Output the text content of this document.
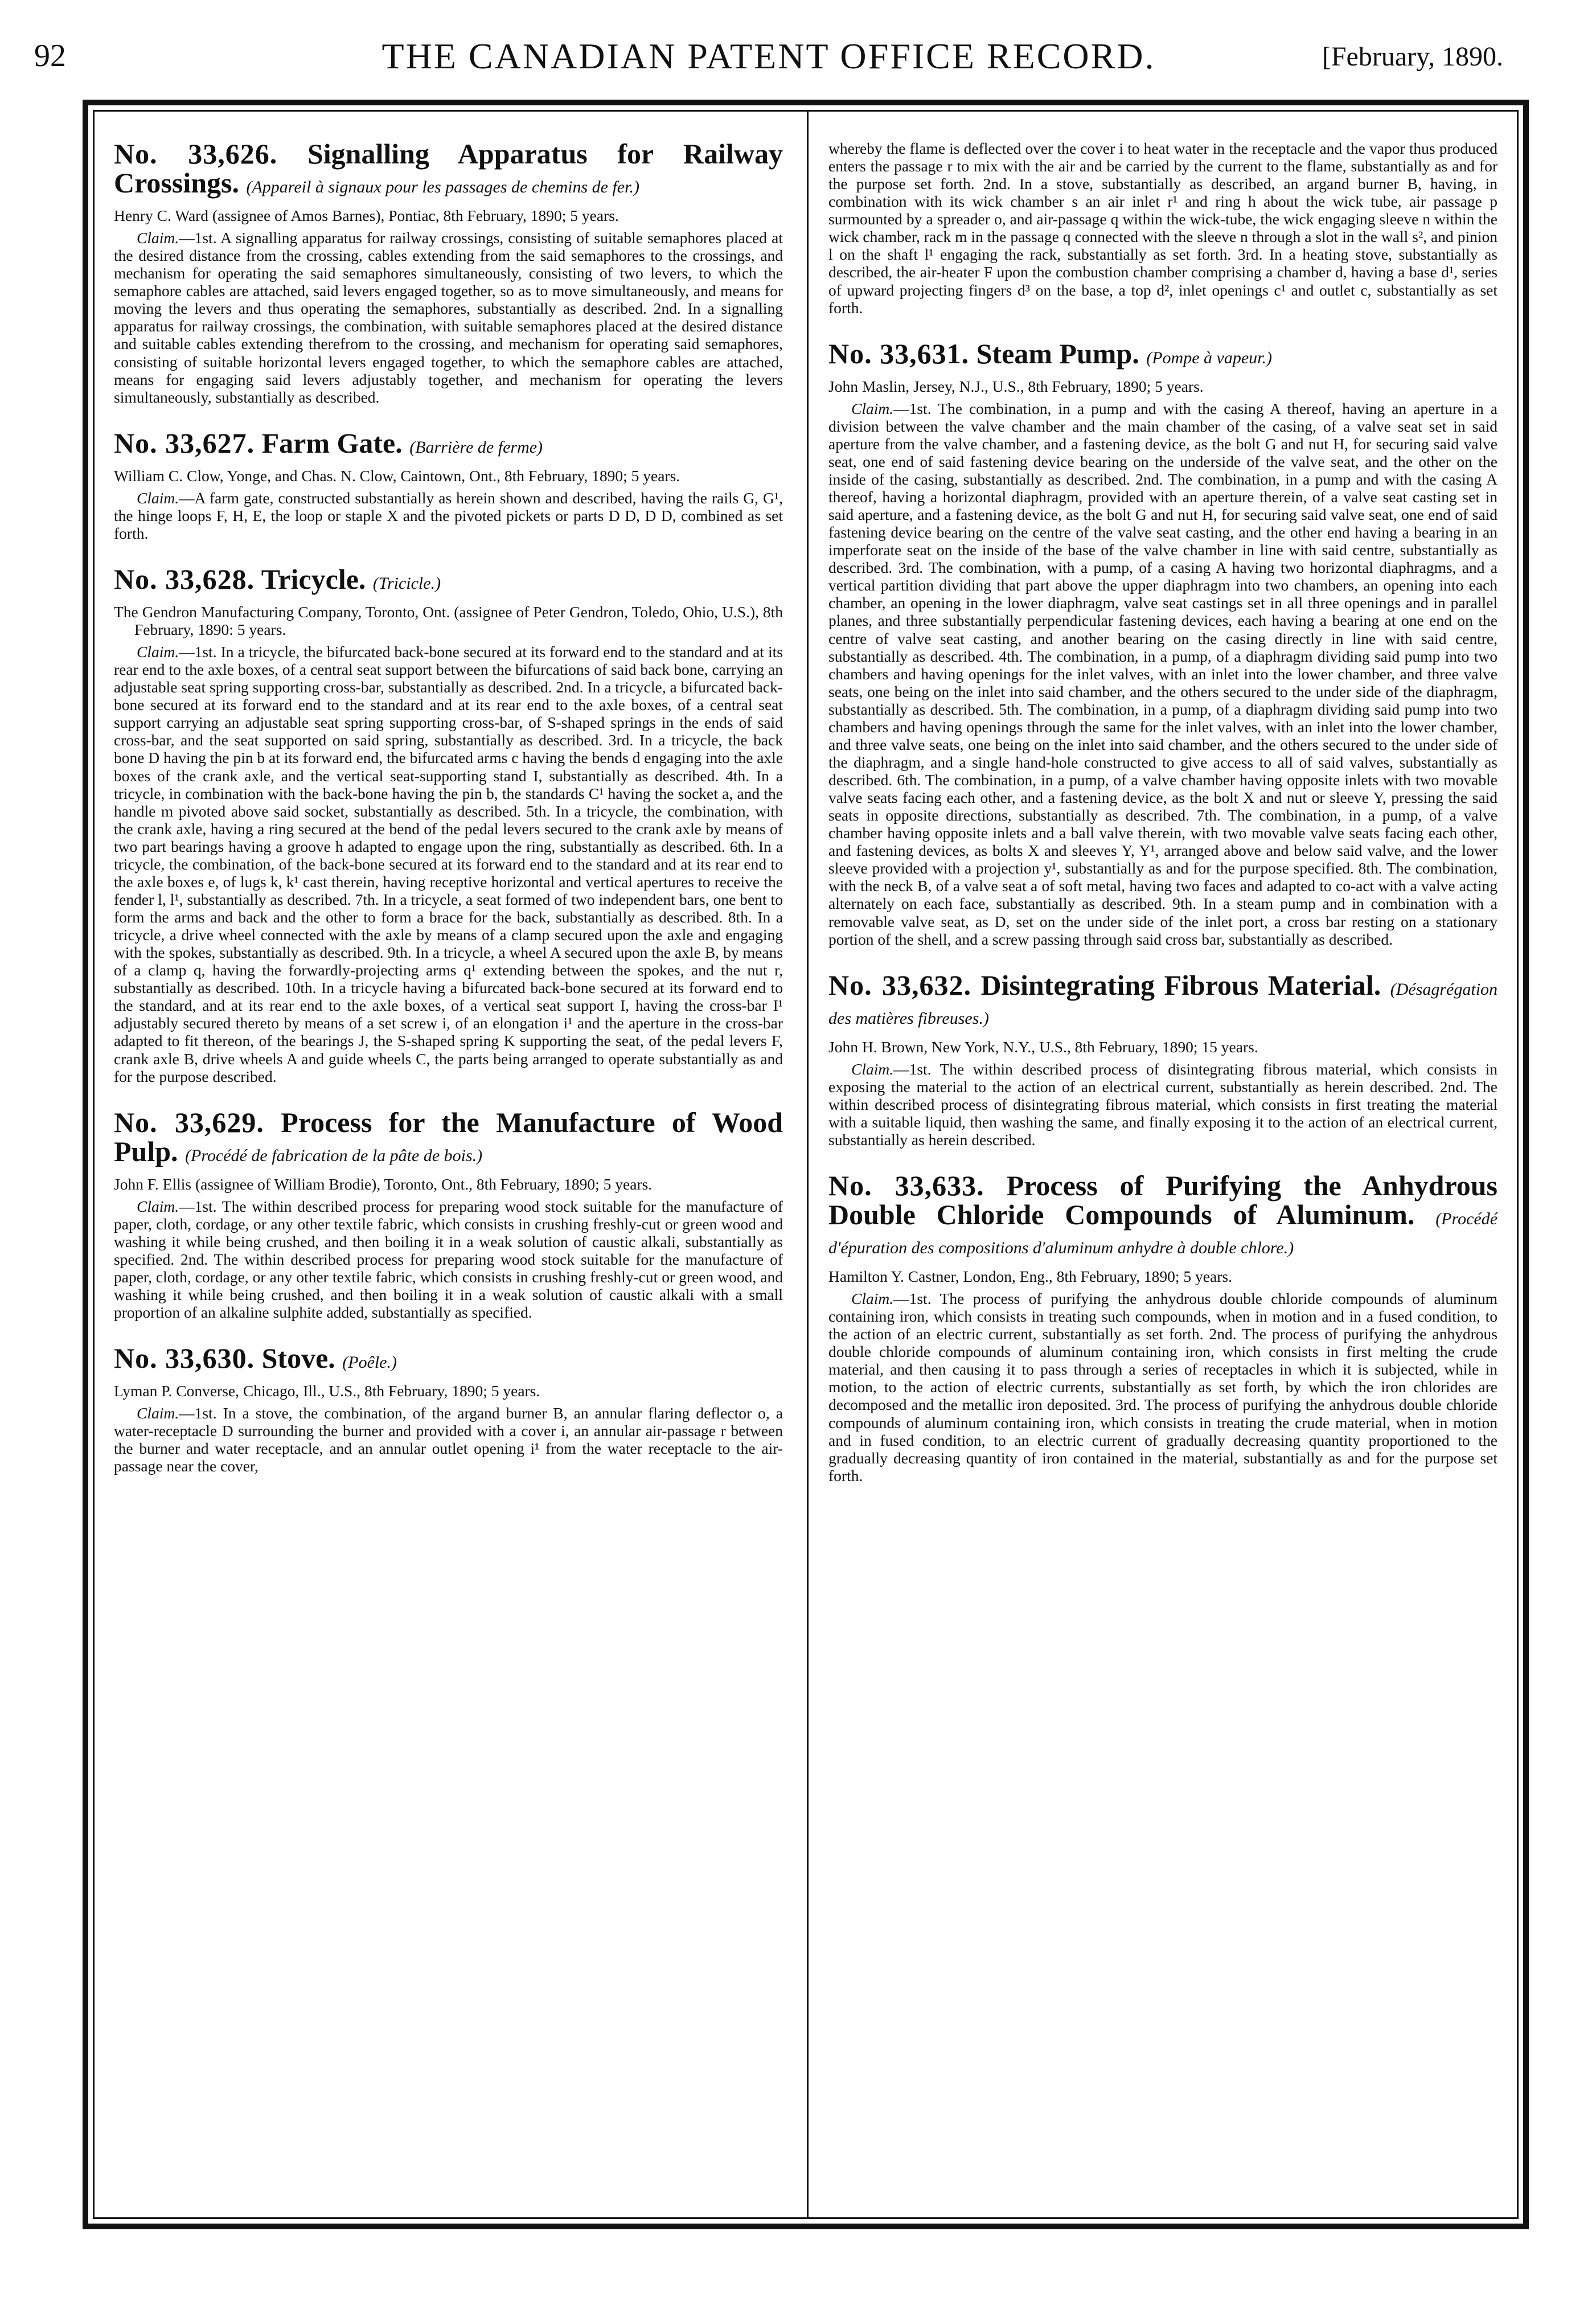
92	THE CANADIAN PATENT OFFICE RECORD.	[February, 1890.
No. 33,626. Signalling Apparatus for Railway Crossings. (Appareil à signaux pour les passages de chemins de fer.)

Henry C. Ward (assignee of Amos Barnes), Pontiac, 8th February, 1890; 5 years.

Claim.—1st. A signalling apparatus for railway crossings, consisting of suitable semaphores placed at the desired distance from the crossing, cables extending from the said semaphores to the crossings, and mechanism for operating the said semaphores simultaneously, consisting of two levers, to which the semaphore cables are attached, said levers engaged together, so as to move simultaneously, and means for moving the levers and thus operating the semaphores, substantially as described. 2nd. In a signalling apparatus for railway crossings, the combination, with suitable semaphores placed at the desired distance and suitable cables extending therefrom to the crossing, and mechanism for operating said semaphores, consisting of suitable horizontal levers engaged together, to which the semaphore cables are attached, means for engaging said levers adjustably together, and mechanism for operating the levers simultaneously, substantially as described.

No. 33,627. Farm Gate. (Barrière de ferme)

William C. Clow, Yonge, and Chas. N. Clow, Caintown, Ont., 8th February, 1890; 5 years.

Claim.—A farm gate, constructed substantially as herein shown and described, having the rails G, G¹, the hinge loops F, H, E, the loop or staple X and the pivoted pickets or parts D D, D D, combined as set forth.

No. 33,628. Tricycle. (Tricicle.)

The Gendron Manufacturing Company, Toronto, Ont. (assignee of Peter Gendron, Toledo, Ohio, U.S.), 8th February, 1890: 5 years.

Claim.—1st. In a tricycle, the bifurcated back-bone secured at its forward end to the standard and at its rear end to the axle boxes, of a central seat support between the bifurcations of said back bone, carrying an adjustable seat spring supporting cross-bar, substantially as described. 2nd. In a tricycle, a bifurcated back-bone secured at its forward end to the standard and at its rear end to the axle boxes, of a central seat support carrying an adjustable seat spring supporting cross-bar, of S-shaped springs in the ends of said cross-bar, and the seat supported on said spring, substantially as described. 3rd. In a tricycle, the back bone D having the pin b at its forward end, the bifurcated arms c having the bends d engaging into the axle boxes of the crank axle, and the vertical seat-supporting stand I, substantially as described. 4th. In a tricycle, in combination with the back-bone having the pin b, the standards C¹ having the socket a, and the handle m pivoted above said socket, substantially as described. 5th. In a tricycle, the combination, with the crank axle, having a ring secured at the bend of the pedal levers secured to the crank axle by means of two part bearings having a groove h adapted to engage upon the ring, substantially as described. 6th. In a tricycle, the combination, of the back-bone secured at its forward end to the standard and at its rear end to the axle boxes e, of lugs k, k¹ cast therein, having receptive horizontal and vertical apertures to receive the fender l, l¹, substantially as described. 7th. In a tricycle, a seat formed of two independent bars, one bent to form the arms and back and the other to form a brace for the back, substantially as described. 8th. In a tricycle, a drive wheel connected with the axle by means of a clamp secured upon the axle and engaging with the spokes, substantially as described. 9th. In a tricycle, a wheel A secured upon the axle B, by means of a clamp q, having the forwardly-projecting arms q¹ extending between the spokes, and the nut r, substantially as described. 10th. In a tricycle having a bifurcated back-bone secured at its forward end to the standard, and at its rear end to the axle boxes, of a vertical seat support I, having the cross-bar I¹ adjustably secured thereto by means of a set screw i, of an elongation i¹ and the aperture in the cross-bar adapted to fit thereon, of the bearings J, the S-shaped spring K supporting the seat, of the pedal levers F, crank axle B, drive wheels A and guide wheels C, the parts being arranged to operate substantially as and for the purpose described.

No. 33,629. Process for the Manufacture of Wood Pulp. (Procédé de fabrication de la pâte de bois.)

John F. Ellis (assignee of William Brodie), Toronto, Ont., 8th February, 1890; 5 years.

Claim.—1st. The within described process for preparing wood stock suitable for the manufacture of paper, cloth, cordage, or any other textile fabric, which consists in crushing freshly-cut or green wood and washing it while being crushed, and then boiling it in a weak solution of caustic alkali, substantially as specified. 2nd. The within described process for preparing wood stock suitable for the manufacture of paper, cloth, cordage, or any other textile fabric, which consists in crushing freshly-cut or green wood, and washing it while being crushed, and then boiling it in a weak solution of caustic alkali with a small proportion of an alkaline sulphite added, substantially as specified.

No. 33,630. Stove. (Poêle.)

Lyman P. Converse, Chicago, Ill., U.S., 8th February, 1890; 5 years.

Claim.—1st. In a stove, the combination, of the argand burner B, an annular flaring deflector o, a water-receptacle D surrounding the burner and provided with a cover i, an annular air-passage r between the burner and water receptacle, and an annular outlet opening i¹ from the water receptacle to the air-passage near the cover,

whereby the flame is deflected over the cover i to heat water in the receptacle and the vapor thus produced enters the passage r to mix with the air and be carried by the current to the flame, substantially as and for the purpose set forth. 2nd. In a stove, substantially as described, an argand burner B, having, in combination with its wick chamber s an air inlet r¹ and ring h about the wick tube, air passage p surmounted by a spreader o, and air-passage q within the wick-tube, the wick engaging sleeve n within the wick chamber, rack m in the passage q connected with the sleeve n through a slot in the wall s², and pinion l on the shaft l¹ engaging the rack, substantially as set forth. 3rd. In a heating stove, substantially as described, the air-heater F upon the combustion chamber comprising a chamber d, having a base d¹, series of upward projecting fingers d³ on the base, a top d², inlet openings c¹ and outlet c, substantially as set forth.

No. 33,631. Steam Pump. (Pompe à vapeur.)

John Maslin, Jersey, N.J., U.S., 8th February, 1890; 5 years.

Claim.—1st. The combination, in a pump and with the casing A thereof, having an aperture in a division between the valve chamber and the main chamber of the casing, of a valve seat set in said aperture from the valve chamber, and a fastening device, as the bolt G and nut H, for securing said valve seat, one end of said fastening device bearing on the underside of the valve seat, and the other on the inside of the casing, substantially as described. 2nd. The combination, in a pump and with the casing A thereof, having a horizontal diaphragm, provided with an aperture therein, of a valve seat casting set in said aperture, and a fastening device, as the bolt G and nut H, for securing said valve seat, one end of said fastening device bearing on the centre of the valve seat casting, and the other end having a bearing in an imperforate seat on the inside of the base of the valve chamber in line with said centre, substantially as described. 3rd. The combination, with a pump, of a casing A having two horizontal diaphragms, and a vertical partition dividing that part above the upper diaphragm into two chambers, an opening into each chamber, an opening in the lower diaphragm, valve seat castings set in all three openings and in parallel planes, and three substantially perpendicular fastening devices, each having a bearing at one end on the centre of valve seat casting, and another bearing on the casing directly in line with said centre, substantially as described. 4th. The combination, in a pump, of a diaphragm dividing said pump into two chambers and having openings for the inlet valves, with an inlet into the lower chamber, and three valve seats, one being on the inlet into said chamber, and the others secured to the under side of the diaphragm, substantially as described. 5th. The combination, in a pump, of a diaphragm dividing said pump into two chambers and having openings through the same for the inlet valves, with an inlet into the lower chamber, and three valve seats, one being on the inlet into said chamber, and the others secured to the under side of the diaphragm, and a single hand-hole constructed to give access to all of said valves, substantially as described. 6th. The combination, in a pump, of a valve chamber having opposite inlets with two movable valve seats facing each other, and a fastening device, as the bolt X and nut or sleeve Y, pressing the said seats in opposite directions, substantially as described. 7th. The combination, in a pump, of a valve chamber having opposite inlets and a ball valve therein, with two movable valve seats facing each other, and fastening devices, as bolts X and sleeves Y, Y¹, arranged above and below said valve, and the lower sleeve provided with a projection y¹, substantially as and for the purpose specified. 8th. The combination, with the neck B, of a valve seat a of soft metal, having two faces and adapted to co-act with a valve acting alternately on each face, substantially as described. 9th. In a steam pump and in combination with a removable valve seat, as D, set on the under side of the inlet port, a cross bar resting on a stationary portion of the shell, and a screw passing through said cross bar, substantially as described.

No. 33,632. Disintegrating Fibrous Material. (Désagrégation des matières fibreuses.)

John H. Brown, New York, N.Y., U.S., 8th February, 1890; 15 years.

Claim.—1st. The within described process of disintegrating fibrous material, which consists in exposing the material to the action of an electrical current, substantially as herein described. 2nd. The within described process of disintegrating fibrous material, which consists in first treating the material with a suitable liquid, then washing the same, and finally exposing it to the action of an electrical current, substantially as herein described.

No. 33,633. Process of Purifying the Anhydrous Double Chloride Compounds of Aluminum. (Procédé d'épuration des compositions d'aluminum anhydre à double chlore.)

Hamilton Y. Castner, London, Eng., 8th February, 1890; 5 years.

Claim.—1st. The process of purifying the anhydrous double chloride compounds of aluminum containing iron, which consists in treating such compounds, when in motion and in a fused condition, to the action of an electric current, substantially as set forth. 2nd. The process of purifying the anhydrous double chloride compounds of aluminum containing iron, which consists in first melting the crude material, and then causing it to pass through a series of receptacles in which it is subjected, while in motion, to the action of electric currents, substantially as set forth, by which the iron chlorides are decomposed and the metallic iron deposited. 3rd. The process of purifying the anhydrous double chloride compounds of aluminum containing iron, which consists in treating the crude material, when in motion and in fused condition, to an electric current of gradually decreasing quantity proportioned to the gradually decreasing quantity of iron contained in the material, substantially as and for the purpose set forth.
